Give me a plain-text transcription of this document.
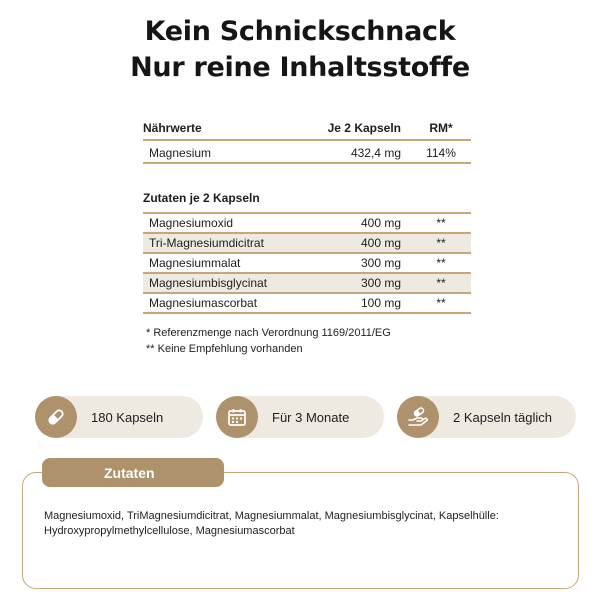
Kein Schnickschnack
Nur reine Inhaltsstoffe
Nährwerte	Je 2 Kapseln	RM*
Magnesium	432,4 mg	114%
Zutaten je 2 Kapseln
Magnesiumoxid	400 mg	**
Tri-Magnesiumdicitrat	400 mg	**
Magnesiummalat	300 mg	**
Magnesiumbisglycinat	300 mg	**
Magnesiumascorbat	100 mg	**
* Referenzmenge nach Verordnung 1169/2011/EG
** Keine Empfehlung vorhanden
180 Kapseln	Für 3 Monate	2 Kapseln täglich
Zutaten
Magnesiumoxid, TriMagnesiumdicitrat, Magnesiummalat, Magnesiumbisglycinat, Kapselhülle: Hydroxypropylmethylcellulose, Magnesiumascorbat
